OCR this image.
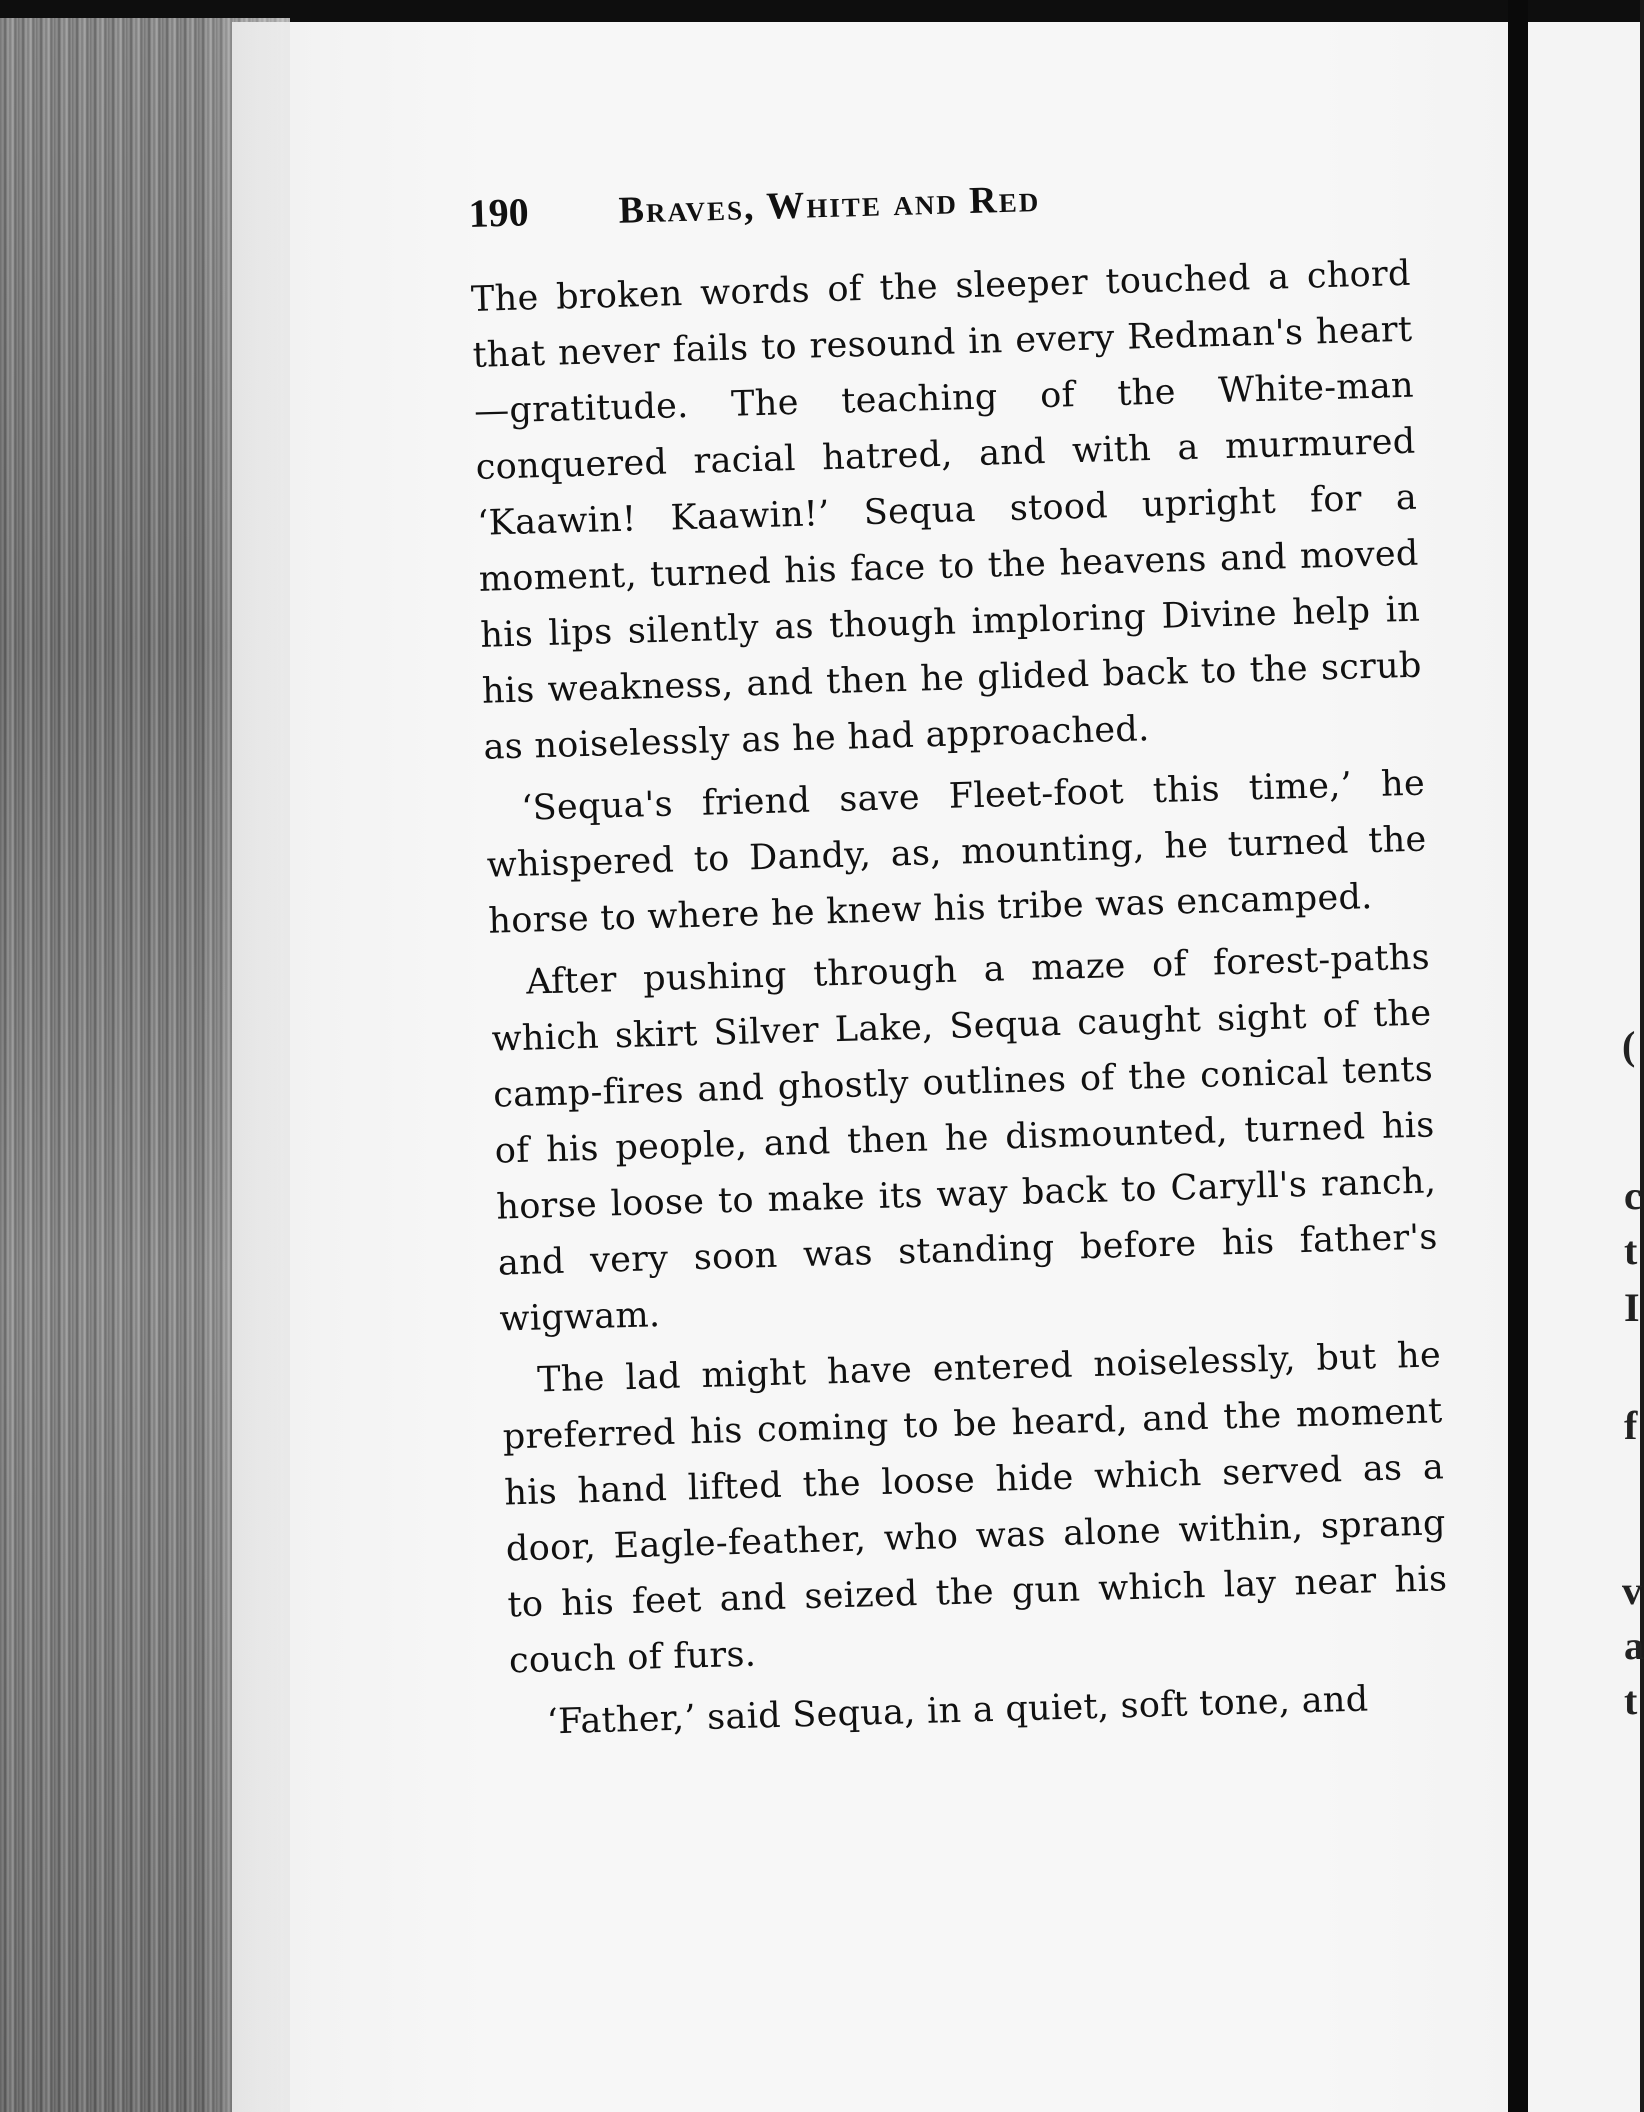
(
c
t
I
f
v
a
t
190	Braves, White and Red

The broken words of the sleeper touched a chord that never fails to resound in every Redman's heart—gratitude. The teaching of the White-man conquered racial hatred, and with a murmured ‘Kaawin! Kaawin!’ Sequa stood upright for a moment, turned his face to the heavens and moved his lips silently as though imploring Divine help in his weakness, and then he glided back to the scrub as noiselessly as he had approached.

‘Sequa's friend save Fleet-foot this time,’ he whispered to Dandy, as, mounting, he turned the horse to where he knew his tribe was encamped.

After pushing through a maze of forest-paths which skirt Silver Lake, Sequa caught sight of the camp-fires and ghostly outlines of the conical tents of his people, and then he dismounted, turned his horse loose to make its way back to Caryll's ranch, and very soon was standing before his father's wigwam.

The lad might have entered noiselessly, but he preferred his coming to be heard, and the moment his hand lifted the loose hide which served as a door, Eagle-feather, who was alone within, sprang to his feet and seized the gun which lay near his couch of furs.

‘Father,’ said Sequa, in a quiet, soft tone, and
